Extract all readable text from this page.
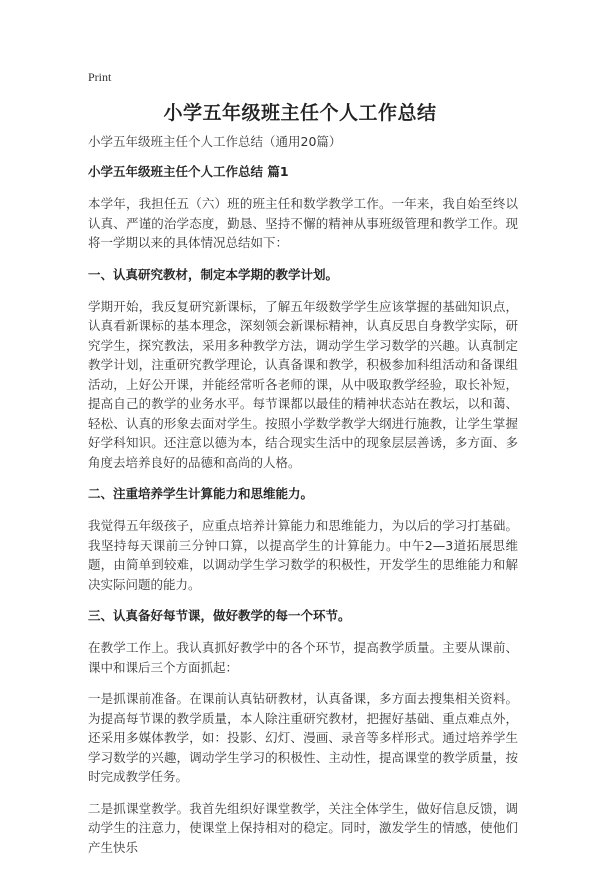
Print
小学五年级班主任个人工作总结
小学五年级班主任个人工作总结（通用20篇）
小学五年级班主任个人工作总结 篇1

本学年，我担任五（六）班的班主任和数学教学工作。一年来，我自始至终以认真、严谨的治学态度，勤恳、坚持不懈的精神从事班级管理和教学工作。现将一学期以来的具体情况总结如下：

一、认真研究教材，制定本学期的教学计划。

学期开始，我反复研究新课标，了解五年级数学学生应该掌握的基础知识点，认真看新课标的基本理念，深刻领会新课标精神，认真反思自身教学实际，研究学生，探究教法，采用多种教学方法，调动学生学习数学的兴趣。认真制定教学计划，注重研究教学理论，认真备课和教学，积极参加科组活动和备课组活动，上好公开课，并能经常听各老师的课，从中吸取教学经验，取长补短，提高自己的教学的业务水平。每节课都以最佳的精神状态站在教坛，以和蔼、轻松、认真的形象去面对学生。按照小学数学教学大纲进行施教，让学生掌握好学科知识。还注意以德为本，结合现实生活中的现象层层善诱，多方面、多角度去培养良好的品德和高尚的人格。

二、注重培养学生计算能力和思维能力。

我觉得五年级孩子，应重点培养计算能力和思维能力，为以后的学习打基础。我坚持每天课前三分钟口算，以提高学生的计算能力。中午2—3道拓展思维题，由简单到较难，以调动学生学习数学的积极性，开发学生的思维能力和解决实际问题的能力。

三、认真备好每节课，做好教学的每一个环节。

在教学工作上。我认真抓好教学中的各个环节，提高教学质量。主要从课前、课中和课后三个方面抓起：

一是抓课前准备。在课前认真钻研教材，认真备课，多方面去搜集相关资料。为提高每节课的教学质量，本人除注重研究教材，把握好基础、重点难点外，还采用多媒体教学，如：投影、幻灯、漫画、录音等多样形式。通过培养学生学习数学的兴趣，调动学生学习的积极性、主动性，提高课堂的教学质量，按时完成教学任务。

二是抓课堂教学。我首先组织好课堂教学，关注全体学生，做好信息反馈，调动学生的注意力，使课堂上保持相对的稳定。同时，激发学生的情感，使他们产生快乐
